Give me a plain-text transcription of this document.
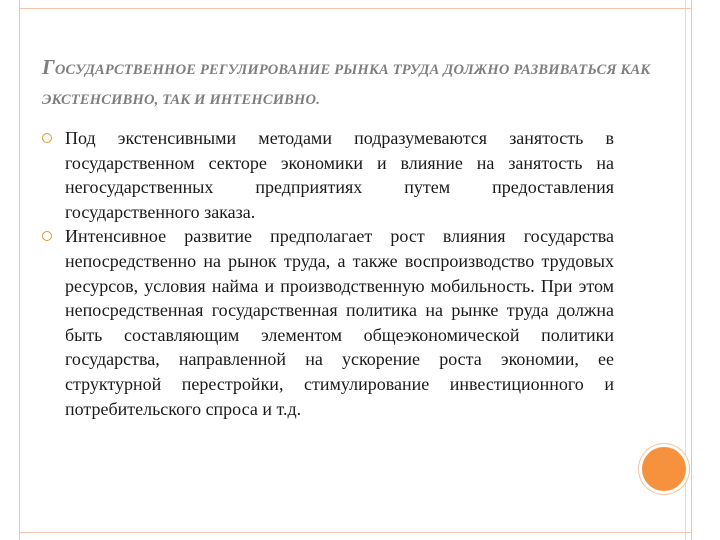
ГОСУДАРСТВЕННОЕ РЕГУЛИРОВАНИЕ РЫНКА ТРУДА ДОЛЖНО РАЗВИВАТЬСЯ КАК ЭКСТЕНСИВНО, ТАК И ИНТЕНСИВНО.
Под экстенсивными методами подразумеваются занятость в государственном секторе экономики и влияние на занятость на негосударственных предприятиях путем предоставления государственного заказа.
Интенсивное развитие предполагает рост влияния государства непосредственно на рынок труда, а также воспроизводство трудовых ресурсов, условия найма и производственную мобильность. При этом непосредственная государственная политика на рынке труда должна быть составляющим элементом общеэкономической политики государства, направленной на ускорение роста экономии, ее структурной перестройки, стимулирование инвестиционного и потребительского спроса и т.д.
